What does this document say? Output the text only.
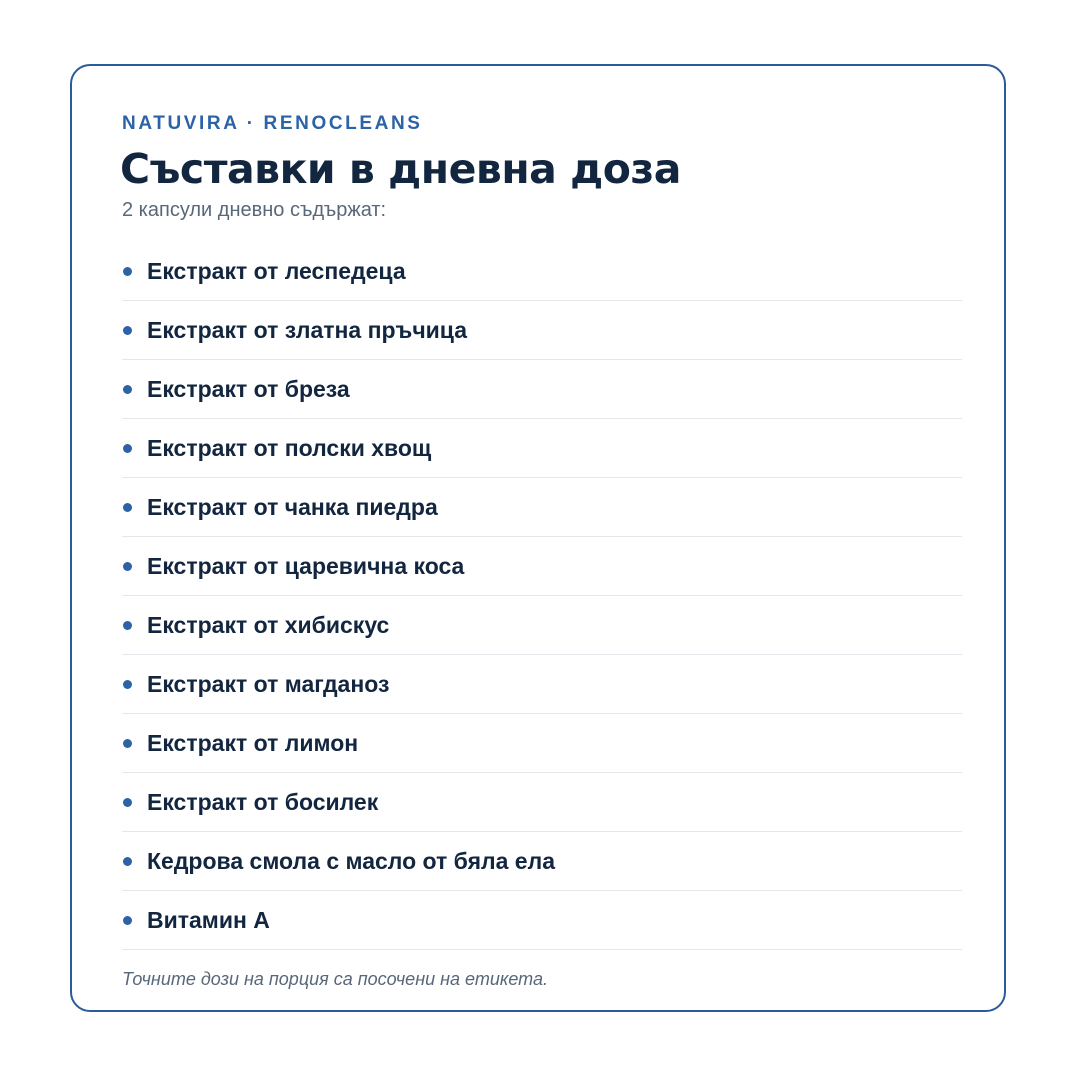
NATUVIRA · RENOCLEANS

Съставки в дневна доза

2 капсули дневно съдържат:

Екстракт от леспедеца
Екстракт от златна пръчица
Екстракт от бреза
Екстракт от полски хвощ
Екстракт от чанка пиедра
Екстракт от царевична коса
Екстракт от хибискус
Екстракт от магданоз
Екстракт от лимон
Екстракт от босилек
Кедрова смола с масло от бяла ела
Витамин А

Точните дози на порция са посочени на етикета.
